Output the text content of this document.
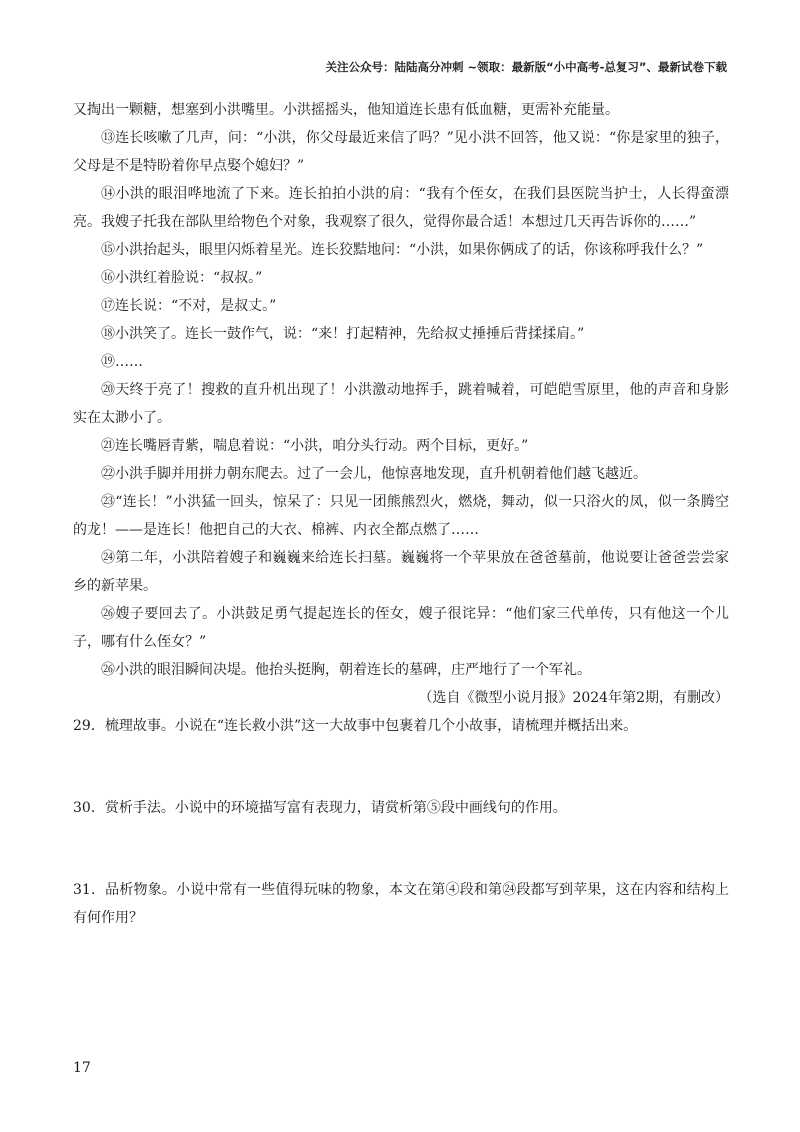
关注公众号：陆陆高分冲刺 ~领取：最新版“小中高考-总复习”、最新试卷下载

又掏出一颗糖，想塞到小洪嘴里。小洪摇摇头，他知道连长患有低血糖，更需补充能量。

⑬连长咳嗽了几声，问：“小洪，你父母最近来信了吗？”见小洪不回答，他又说：“你是家里的独子，父母是不是特盼着你早点娶个媳妇？”

⑭小洪的眼泪哗地流了下来。连长拍拍小洪的肩：“我有个侄女，在我们县医院当护士，人长得蛮漂亮。我嫂子托我在部队里给物色个对象，我观察了很久，觉得你最合适！本想过几天再告诉你的……”

⑮小洪抬起头，眼里闪烁着星光。连长狡黠地问：“小洪，如果你俩成了的话，你该称呼我什么？”

⑯小洪红着脸说：“叔叔。”

⑰连长说：“不对，是叔丈。”

⑱小洪笑了。连长一鼓作气，说：“来！打起精神，先给叔丈捶捶后背揉揉肩。”

⑲……

⑳天终于亮了！搜救的直升机出现了！小洪激动地挥手，跳着喊着，可皑皑雪原里，他的声音和身影实在太渺小了。

㉑连长嘴唇青紫，喘息着说：“小洪，咱分头行动。两个目标，更好。”

㉒小洪手脚并用拼力朝东爬去。过了一会儿，他惊喜地发现，直升机朝着他们越飞越近。

㉓“连长！”小洪猛一回头，惊呆了：只见一团熊熊烈火，燃烧，舞动，似一只浴火的凤，似一条腾空的龙！——是连长！他把自己的大衣、棉裤、内衣全都点燃了……

㉔第二年，小洪陪着嫂子和巍巍来给连长扫墓。巍巍将一个苹果放在爸爸墓前，他说要让爸爸尝尝家乡的新苹果。

㉖嫂子要回去了。小洪鼓足勇气提起连长的侄女，嫂子很诧异：“他们家三代单传，只有他这一个儿子，哪有什么侄女？”

㉖小洪的眼泪瞬间决堤。他抬头挺胸，朝着连长的墓碑，庄严地行了一个军礼。

（选自《微型小说月报》2024年第2期，有删改）

29．梳理故事。小说在“连长救小洪”这一大故事中包裹着几个小故事，请梳理并概括出来。

30．赏析手法。小说中的环境描写富有表现力，请赏析第⑤段中画线句的作用。

31．品析物象。小说中常有一些值得玩味的物象，本文在第④段和第㉔段都写到苹果，这在内容和结构上有何作用？

17
